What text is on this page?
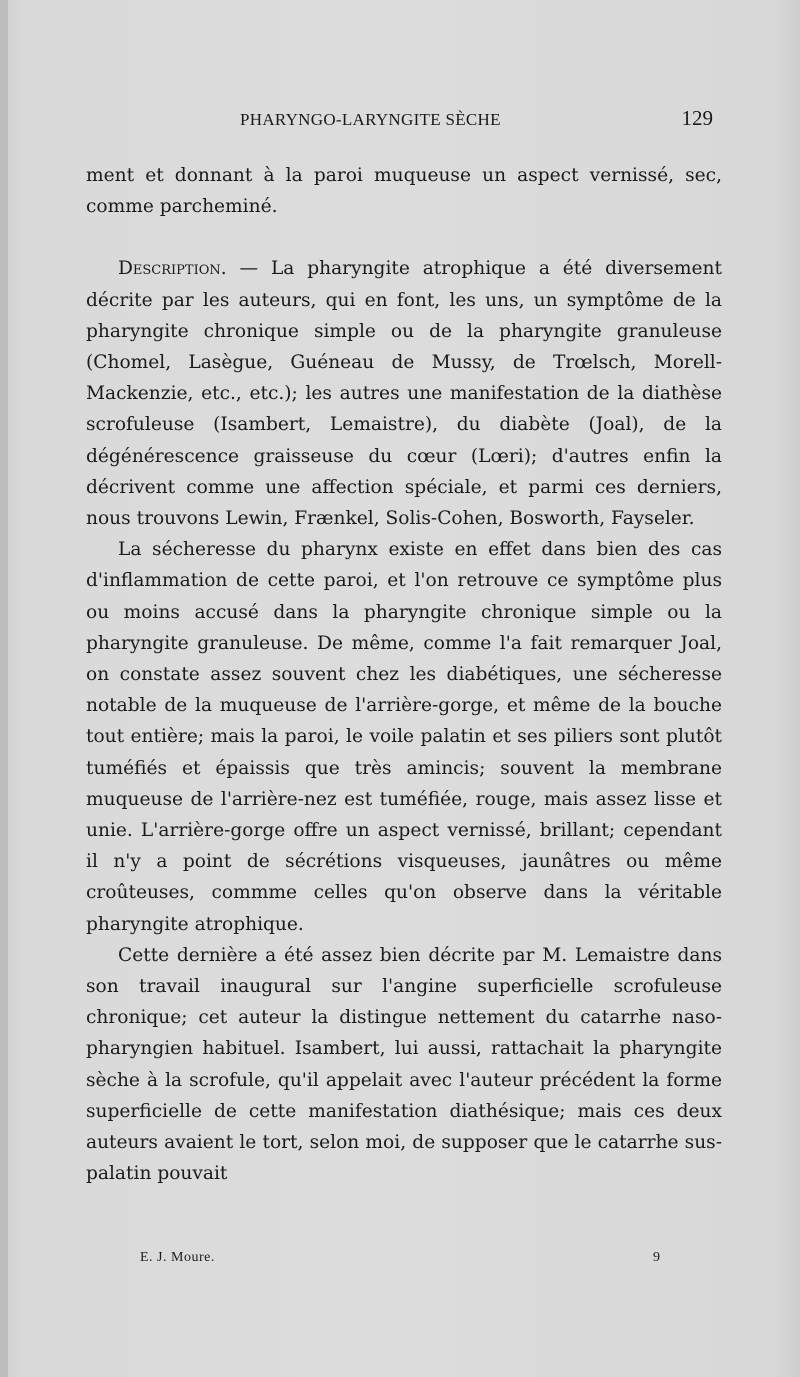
PHARYNGO-LARYNGITE SÈCHE	129

ment et donnant à la paroi muqueuse un aspect vernissé, sec, comme parcheminé.

Description. — La pharyngite atrophique a été diversement décrite par les auteurs, qui en font, les uns, un symptôme de la pharyngite chronique simple ou de la pharyngite granuleuse (Chomel, Lasègue, Guéneau de Mussy, de Trœlsch, Morell-Mackenzie, etc., etc.); les autres une manifestation de la diathèse scrofuleuse (Isambert, Lemaistre), du diabète (Joal), de la dégénérescence graisseuse du cœur (Lœri); d'autres enfin la décrivent comme une affection spéciale, et parmi ces derniers, nous trouvons Lewin, Frænkel, Solis-Cohen, Bosworth, Fayseler.

La sécheresse du pharynx existe en effet dans bien des cas d'inflammation de cette paroi, et l'on retrouve ce symptôme plus ou moins accusé dans la pharyngite chronique simple ou la pharyngite granuleuse. De même, comme l'a fait remarquer Joal, on constate assez souvent chez les diabétiques, une sécheresse notable de la muqueuse de l'arrière-gorge, et même de la bouche tout entière; mais la paroi, le voile palatin et ses piliers sont plutôt tuméfiés et épaissis que très amincis; souvent la membrane muqueuse de l'arrière-nez est tuméfiée, rouge, mais assez lisse et unie. L'arrière-gorge offre un aspect vernissé, brillant; cependant il n'y a point de sécrétions visqueuses, jaunâtres ou même croûteuses, commme celles qu'on observe dans la véritable pharyngite atrophique.

Cette dernière a été assez bien décrite par M. Lemaistre dans son travail inaugural sur l'angine superficielle scrofuleuse chronique; cet auteur la distingue nettement du catarrhe naso-pharyngien habituel. Isambert, lui aussi, rattachait la pharyngite sèche à la scrofule, qu'il appelait avec l'auteur précédent la forme superficielle de cette manifestation diathésique; mais ces deux auteurs avaient le tort, selon moi, de supposer que le catarrhe sus-palatin pouvait

E. J. Moure.	9
